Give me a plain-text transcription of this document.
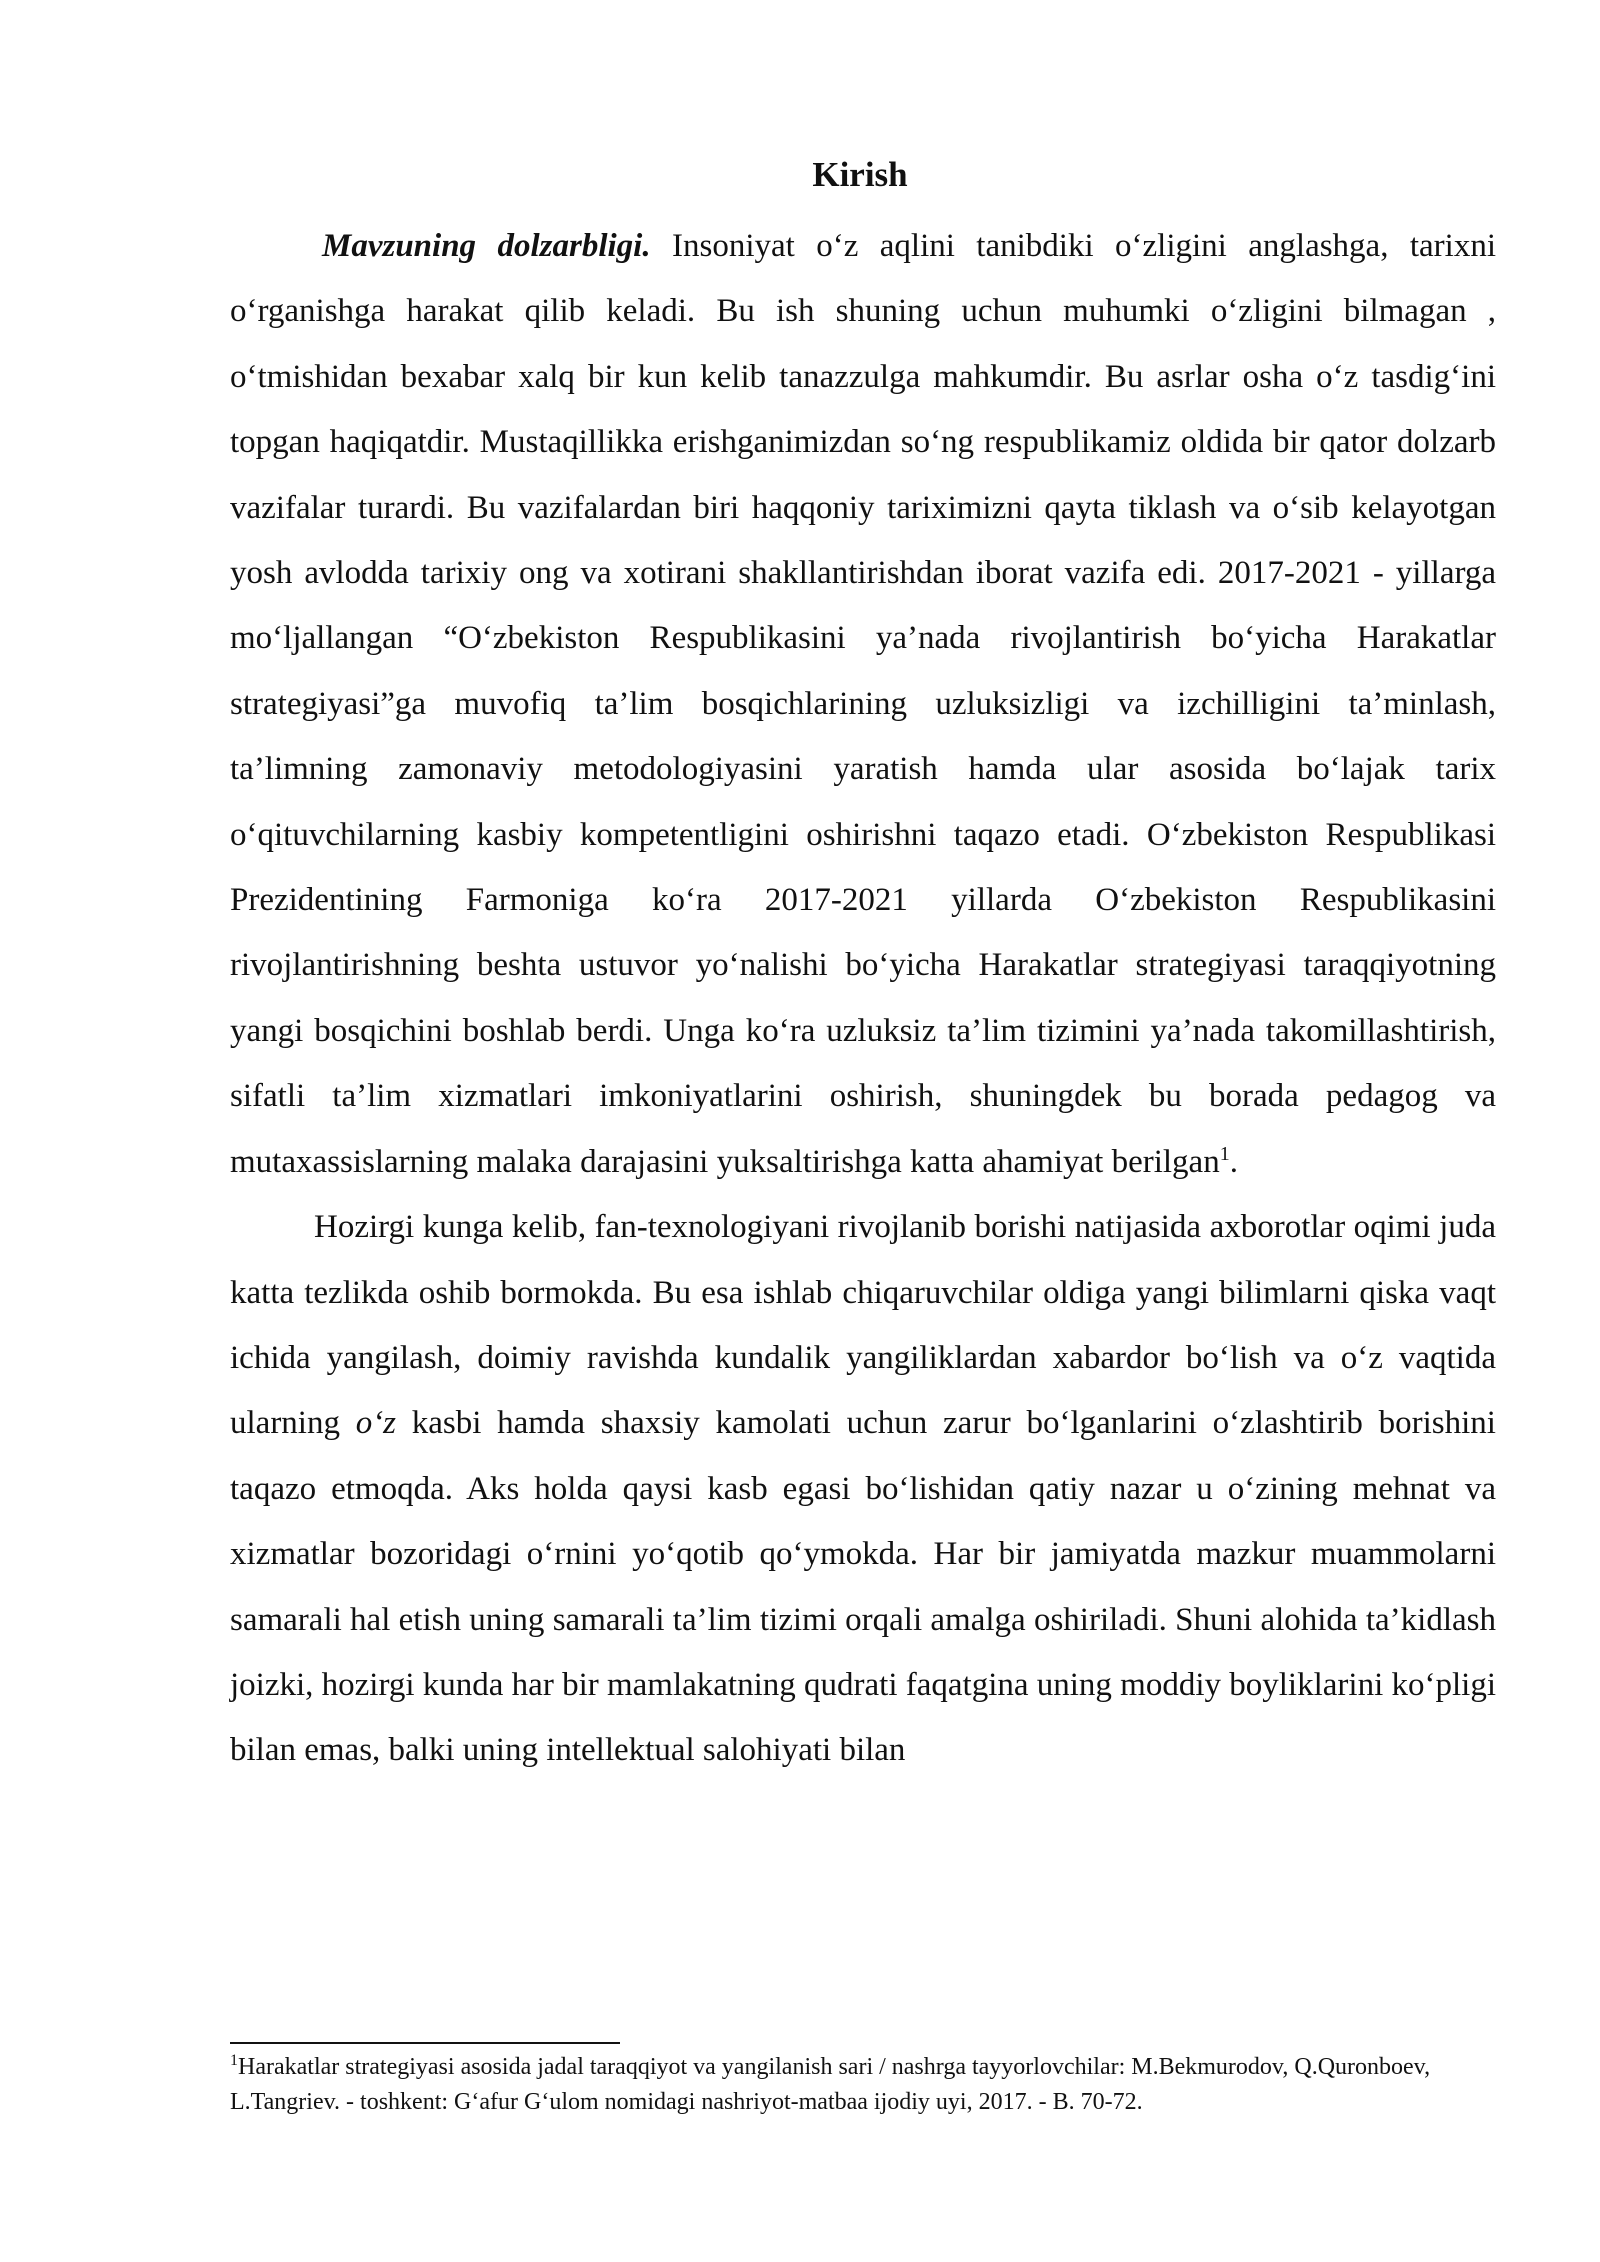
Kirish

Mavzuning dolzarbligi. Insoniyat o‘z aqlini tanibdiki o‘zligini anglashga, tarixni o‘rganishga harakat qilib keladi. Bu ish shuning uchun muhumki o‘zligini bilmagan , o‘tmishidan bexabar xalq bir kun kelib tanazzulga mahkumdir. Bu asrlar osha o‘z tasdig‘ini topgan haqiqatdir. Mustaqillikka erishganimizdan so‘ng respublikamiz oldida bir qator dolzarb vazifalar turardi. Bu vazifalardan biri haqqoniy tariximizni qayta tiklash va o‘sib kelayotgan yosh avlodda tarixiy ong va xotirani shakllantirishdan iborat vazifa edi. 2017-2021 - yillarga mo‘ljallangan “O‘zbekiston Respublikasini ya’nada rivojlantirish bo‘yicha Harakatlar strategiyasi”ga muvofiq ta’lim bosqichlarining uzluksizligi va izchilligini ta’minlash, ta’limning zamonaviy metodologiyasini yaratish hamda ular asosida bo‘lajak tarix o‘qituvchilarning kasbiy kompetentligini oshirishni taqazo etadi. O‘zbekiston Respublikasi Prezidentining Farmoniga ko‘ra 2017-2021 yillarda O‘zbekiston Respublikasini rivojlantirishning beshta ustuvor yo‘nalishi bo‘yicha Harakatlar strategiyasi taraqqiyotning yangi bosqichini boshlab berdi. Unga ko‘ra uzluksiz ta’lim tizimini ya’nada takomillashtirish, sifatli ta’lim xizmatlari imkoniyatlarini oshirish, shuningdek bu borada pedagog va mutaxassislarning malaka darajasini yuksaltirishga katta ahamiyat berilgan$^1$.

Hozirgi kunga kelib, fan-texnologiyani rivojlanib borishi natijasida axborotlar oqimi juda katta tezlikda oshib bormokda. Bu esa ishlab chiqaruvchilar oldiga yangi bilimlarni qiska vaqt ichida yangilash, doimiy ravishda kundalik yangiliklardan xabardor bo‘lish va o‘z vaqtida ularning o‘z kasbi hamda shaxsiy kamolati uchun zarur bo‘lganlarini o‘zlashtirib borishini taqazo etmoqda. Aks holda qaysi kasb egasi bo‘lishidan qatiy nazar u o‘zining mehnat va xizmatlar bozoridagi o‘rnini yo‘qotib qo‘ymokda. Har bir jamiyatda mazkur muammolarni samarali hal etish uning samarali ta’lim tizimi orqali amalga oshiriladi. Shuni alohida ta’kidlash joizki, hozirgi kunda har bir mamlakatning qudrati faqatgina uning moddiy boyliklarini ko‘pligi bilan emas, balki uning intellektual salohiyati bilan

$^1$Harakatlar strategiyasi asosida jadal taraqqiyot va yangilanish sari / nashrga tayyorlovchilar: M.Bekmurodov, Q.Quronboev, L.Tangriev. - toshkent: G‘afur G‘ulom nomidagi nashriyot-matbaa ijodiy uyi, 2017. - B. 70-72.
